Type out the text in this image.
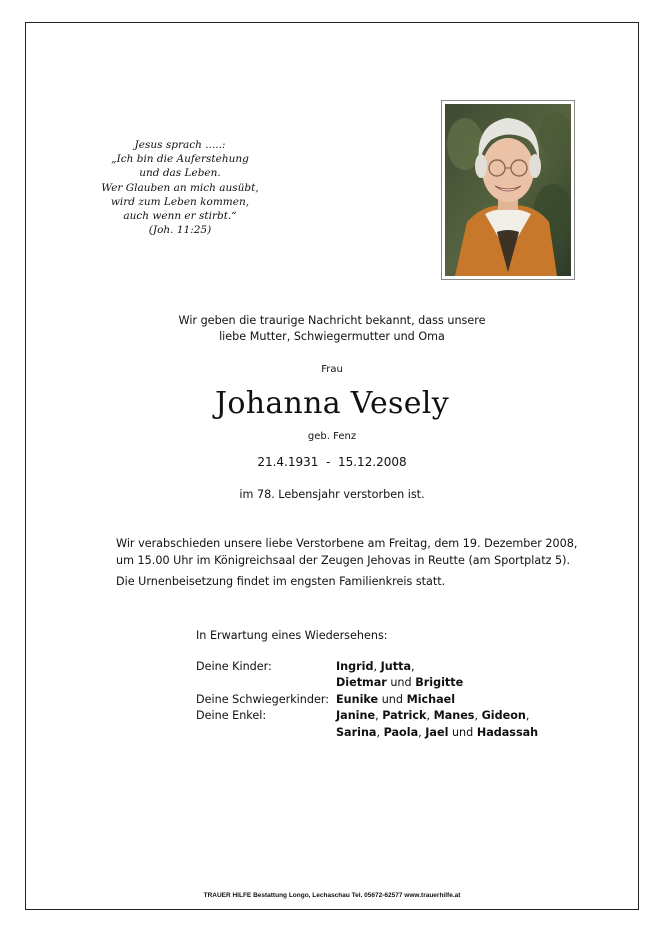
Jesus sprach .....:
„Ich bin die Auferstehung
und das Leben.
Wer Glauben an mich ausübt,
wird zum Leben kommen,
auch wenn er stirbt.“
(Joh. 11:25)
Wir geben die traurige Nachricht bekannt, dass unsere
liebe Mutter, Schwiegermutter und Oma
Frau
Johanna Vesely
geb. Fenz
21.4.1931  -  15.12.2008
im 78. Lebensjahr verstorben ist.
Wir verabschieden unsere liebe Verstorbene am Freitag, dem 19. Dezember 2008,
um 15.00 Uhr im Königreichsaal der Zeugen Jehovas in Reutte (am Sportplatz 5).
Die Urnenbeisetzung findet im engsten Familienkreis statt.
In Erwartung eines Wiedersehens:
Deine Kinder:	Ingrid, Jutta,
Dietmar und Brigitte
Deine Schwiegerkinder: Eunike und Michael
Deine Enkel:	Janine, Patrick, Manes, Gideon,
Sarina, Paola, Jael und Hadassah
TRAUER HILFE Bestattung Longo, Lechaschau Tel. 05672-62577 www.trauerhilfe.at
